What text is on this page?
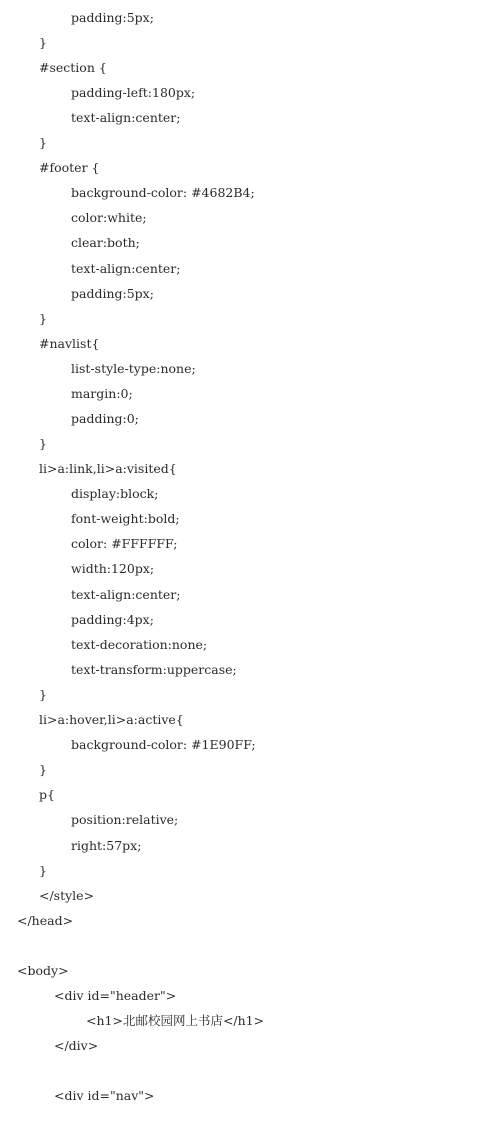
padding:5px;
}
#section {
padding-left:180px;
text-align:center;
}
#footer {
background-color: #4682B4;
color:white;
clear:both;
text-align:center;
padding:5px;
}
#navlist{
list-style-type:none;
margin:0;
padding:0;
}
li>a:link,li>a:visited{
display:block;
font-weight:bold;
color: #FFFFFF;
width:120px;
text-align:center;
padding:4px;
text-decoration:none;
text-transform:uppercase;
}
li>a:hover,li>a:active{
background-color: #1E90FF;
}
p{
position:relative;
right:57px;
}
</style>
</head>
<body>
<div id="header">
<h1>北邮校园网上书店</h1>
</div>
<div id="nav">
